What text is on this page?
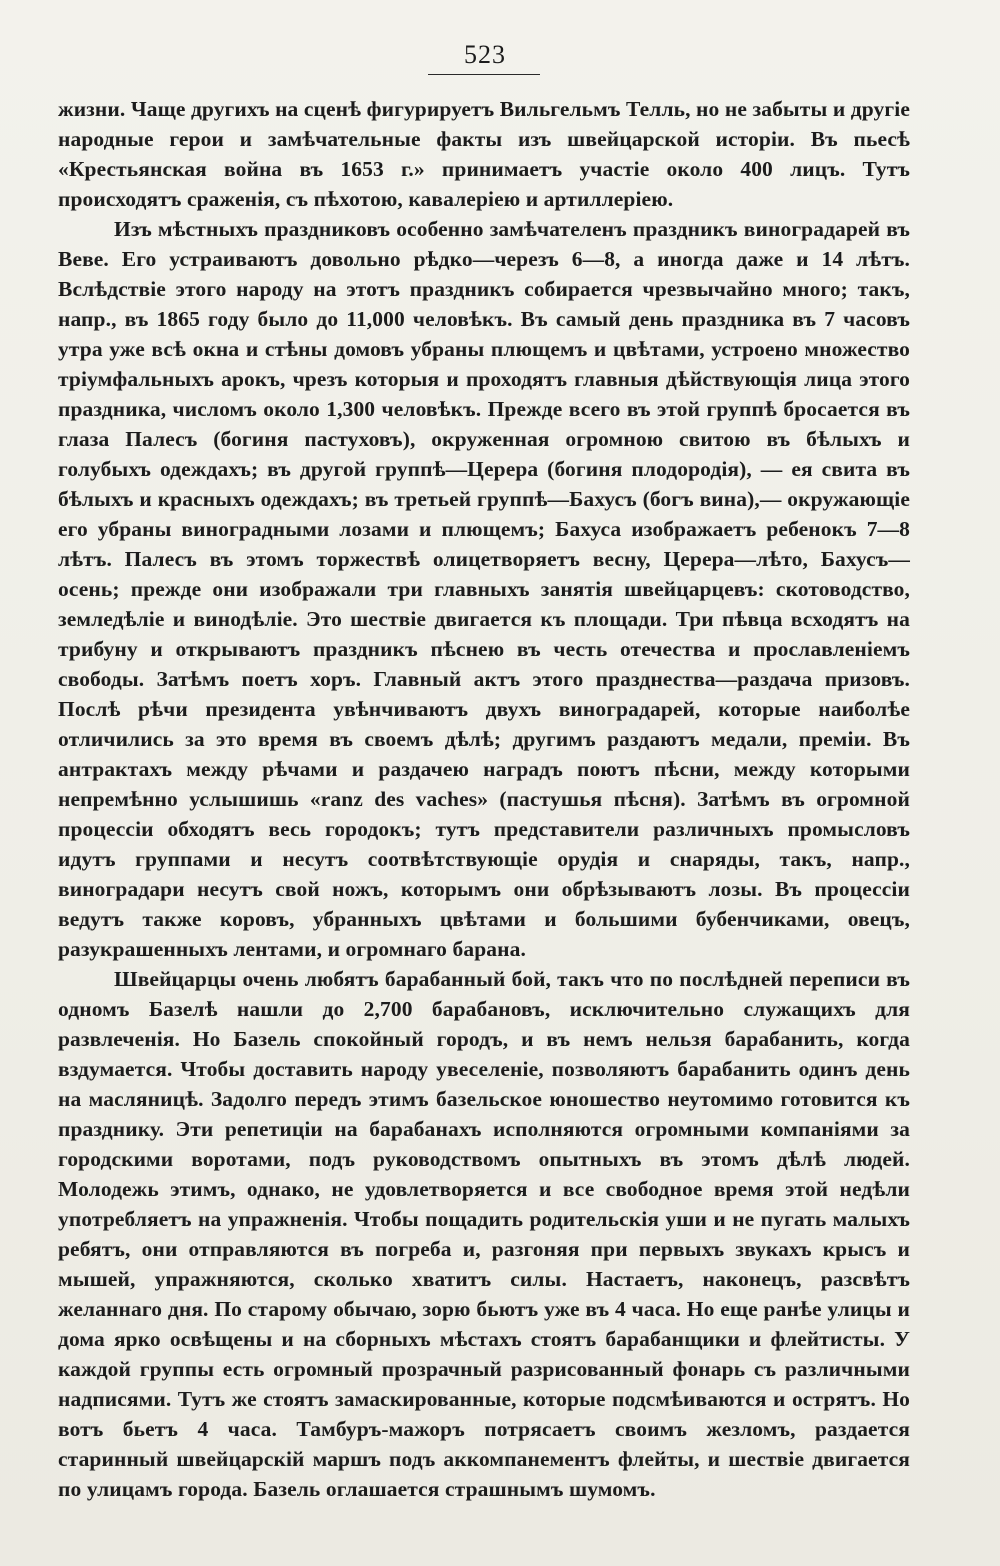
523

жизни. Чаще другихъ на сценѣ фигурируетъ Вильгельмъ Телль, но не забыты и другіе народные герои и замѣчательные факты изъ швейцарской исторіи. Въ пьесѣ «Крестьянская война въ 1653 г.» принимаетъ участіе около 400 лицъ. Тутъ происходятъ сраженія, съ пѣхотою, кавалеріею и артиллеріею.

Изъ мѣстныхъ праздниковъ особенно замѣчателенъ праздникъ виноградарей въ Веве. Его устраиваютъ довольно рѣдко—черезъ 6—8, а иногда даже и 14 лѣтъ. Вслѣдствіе этого народу на этотъ праздникъ собирается чрезвычайно много; такъ, напр., въ 1865 году было до 11,000 человѣкъ. Въ самый день праздника въ 7 часовъ утра уже всѣ окна и стѣны домовъ убраны плющемъ и цвѣтами, устроено множество тріумфальныхъ арокъ, чрезъ которыя и проходятъ главныя дѣйствующія лица этого праздника, числомъ около 1,300 человѣкъ. Прежде всего въ этой группѣ бросается въ глаза Палесъ (богиня пастуховъ), окруженная огромною свитою въ бѣлыхъ и голубыхъ одеждахъ; въ другой группѣ—Церера (богиня плодородія), — ея свита въ бѣлыхъ и красныхъ одеждахъ; въ третьей группѣ—Бахусъ (богъ вина),— окружающіе его убраны виноградными лозами и плющемъ; Бахуса изображаетъ ребенокъ 7—8 лѣтъ. Палесъ въ этомъ торжествѣ олицетворяетъ весну, Церера—лѣто, Бахусъ—осень; прежде они изображали три главныхъ занятія швейцарцевъ: скотоводство, земледѣліе и винодѣліе. Это шествіе двигается къ площади. Три пѣвца всходятъ на трибуну и открываютъ праздникъ пѣснею въ честь отечества и прославленіемъ свободы. Затѣмъ поетъ хоръ. Главный актъ этого празднества—раздача призовъ. Послѣ рѣчи президента увѣнчиваютъ двухъ виноградарей, которые наиболѣе отличились за это время въ своемъ дѣлѣ; другимъ раздаютъ медали, преміи. Въ антрактахъ между рѣчами и раздачею наградъ поютъ пѣсни, между которыми непремѣнно услышишь «ranz des vaches» (пастушья пѣсня). Затѣмъ въ огромной процессіи обходятъ весь городокъ; тутъ представители различныхъ промысловъ идутъ группами и несутъ соотвѣтствующіе орудія и снаряды, такъ, напр., виноградари несутъ свой ножъ, которымъ они обрѣзываютъ лозы. Въ процессіи ведутъ также коровъ, убранныхъ цвѣтами и большими бубенчиками, овецъ, разукрашенныхъ лентами, и огромнаго барана.

Швейцарцы очень любятъ барабанный бой, такъ что по послѣдней переписи въ одномъ Базелѣ нашли до 2,700 барабановъ, исключительно служащихъ для развлеченія. Но Базель спокойный городъ, и въ немъ нельзя барабанить, когда вздумается. Чтобы доставить народу увеселеніе, позволяютъ барабанить одинъ день на масляницѣ. Задолго передъ этимъ базельское юношество неутомимо готовится къ празднику. Эти репетиціи на барабанахъ исполняются огромными компаніями за городскими воротами, подъ руководствомъ опытныхъ въ этомъ дѣлѣ людей. Молодежь этимъ, однако, не удовлетворяется и все свободное время этой недѣли употребляетъ на упражненія. Чтобы пощадить родительскія уши и не пугать малыхъ ребятъ, они отправляются въ погреба и, разгоняя при первыхъ звукахъ крысъ и мышей, упражняются, сколько хватитъ силы. Настаетъ, наконецъ, разсвѣтъ желаннаго дня. По старому обычаю, зорю бьютъ уже въ 4 часа. Но еще ранѣе улицы и дома ярко освѣщены и на сборныхъ мѣстахъ стоятъ барабанщики и флейтисты. У каждой группы есть огромный прозрачный разрисованный фонарь съ различными надписями. Тутъ же стоятъ замаскированные, которые подсмѣиваются и острятъ. Но вотъ бьетъ 4 часа. Тамбуръ-мажоръ потрясаетъ своимъ жезломъ, раздается старинный швейцарскій маршъ подъ аккомпанементъ флейты, и шествіе двигается по улицамъ города. Базель оглашается страшнымъ шумомъ.
